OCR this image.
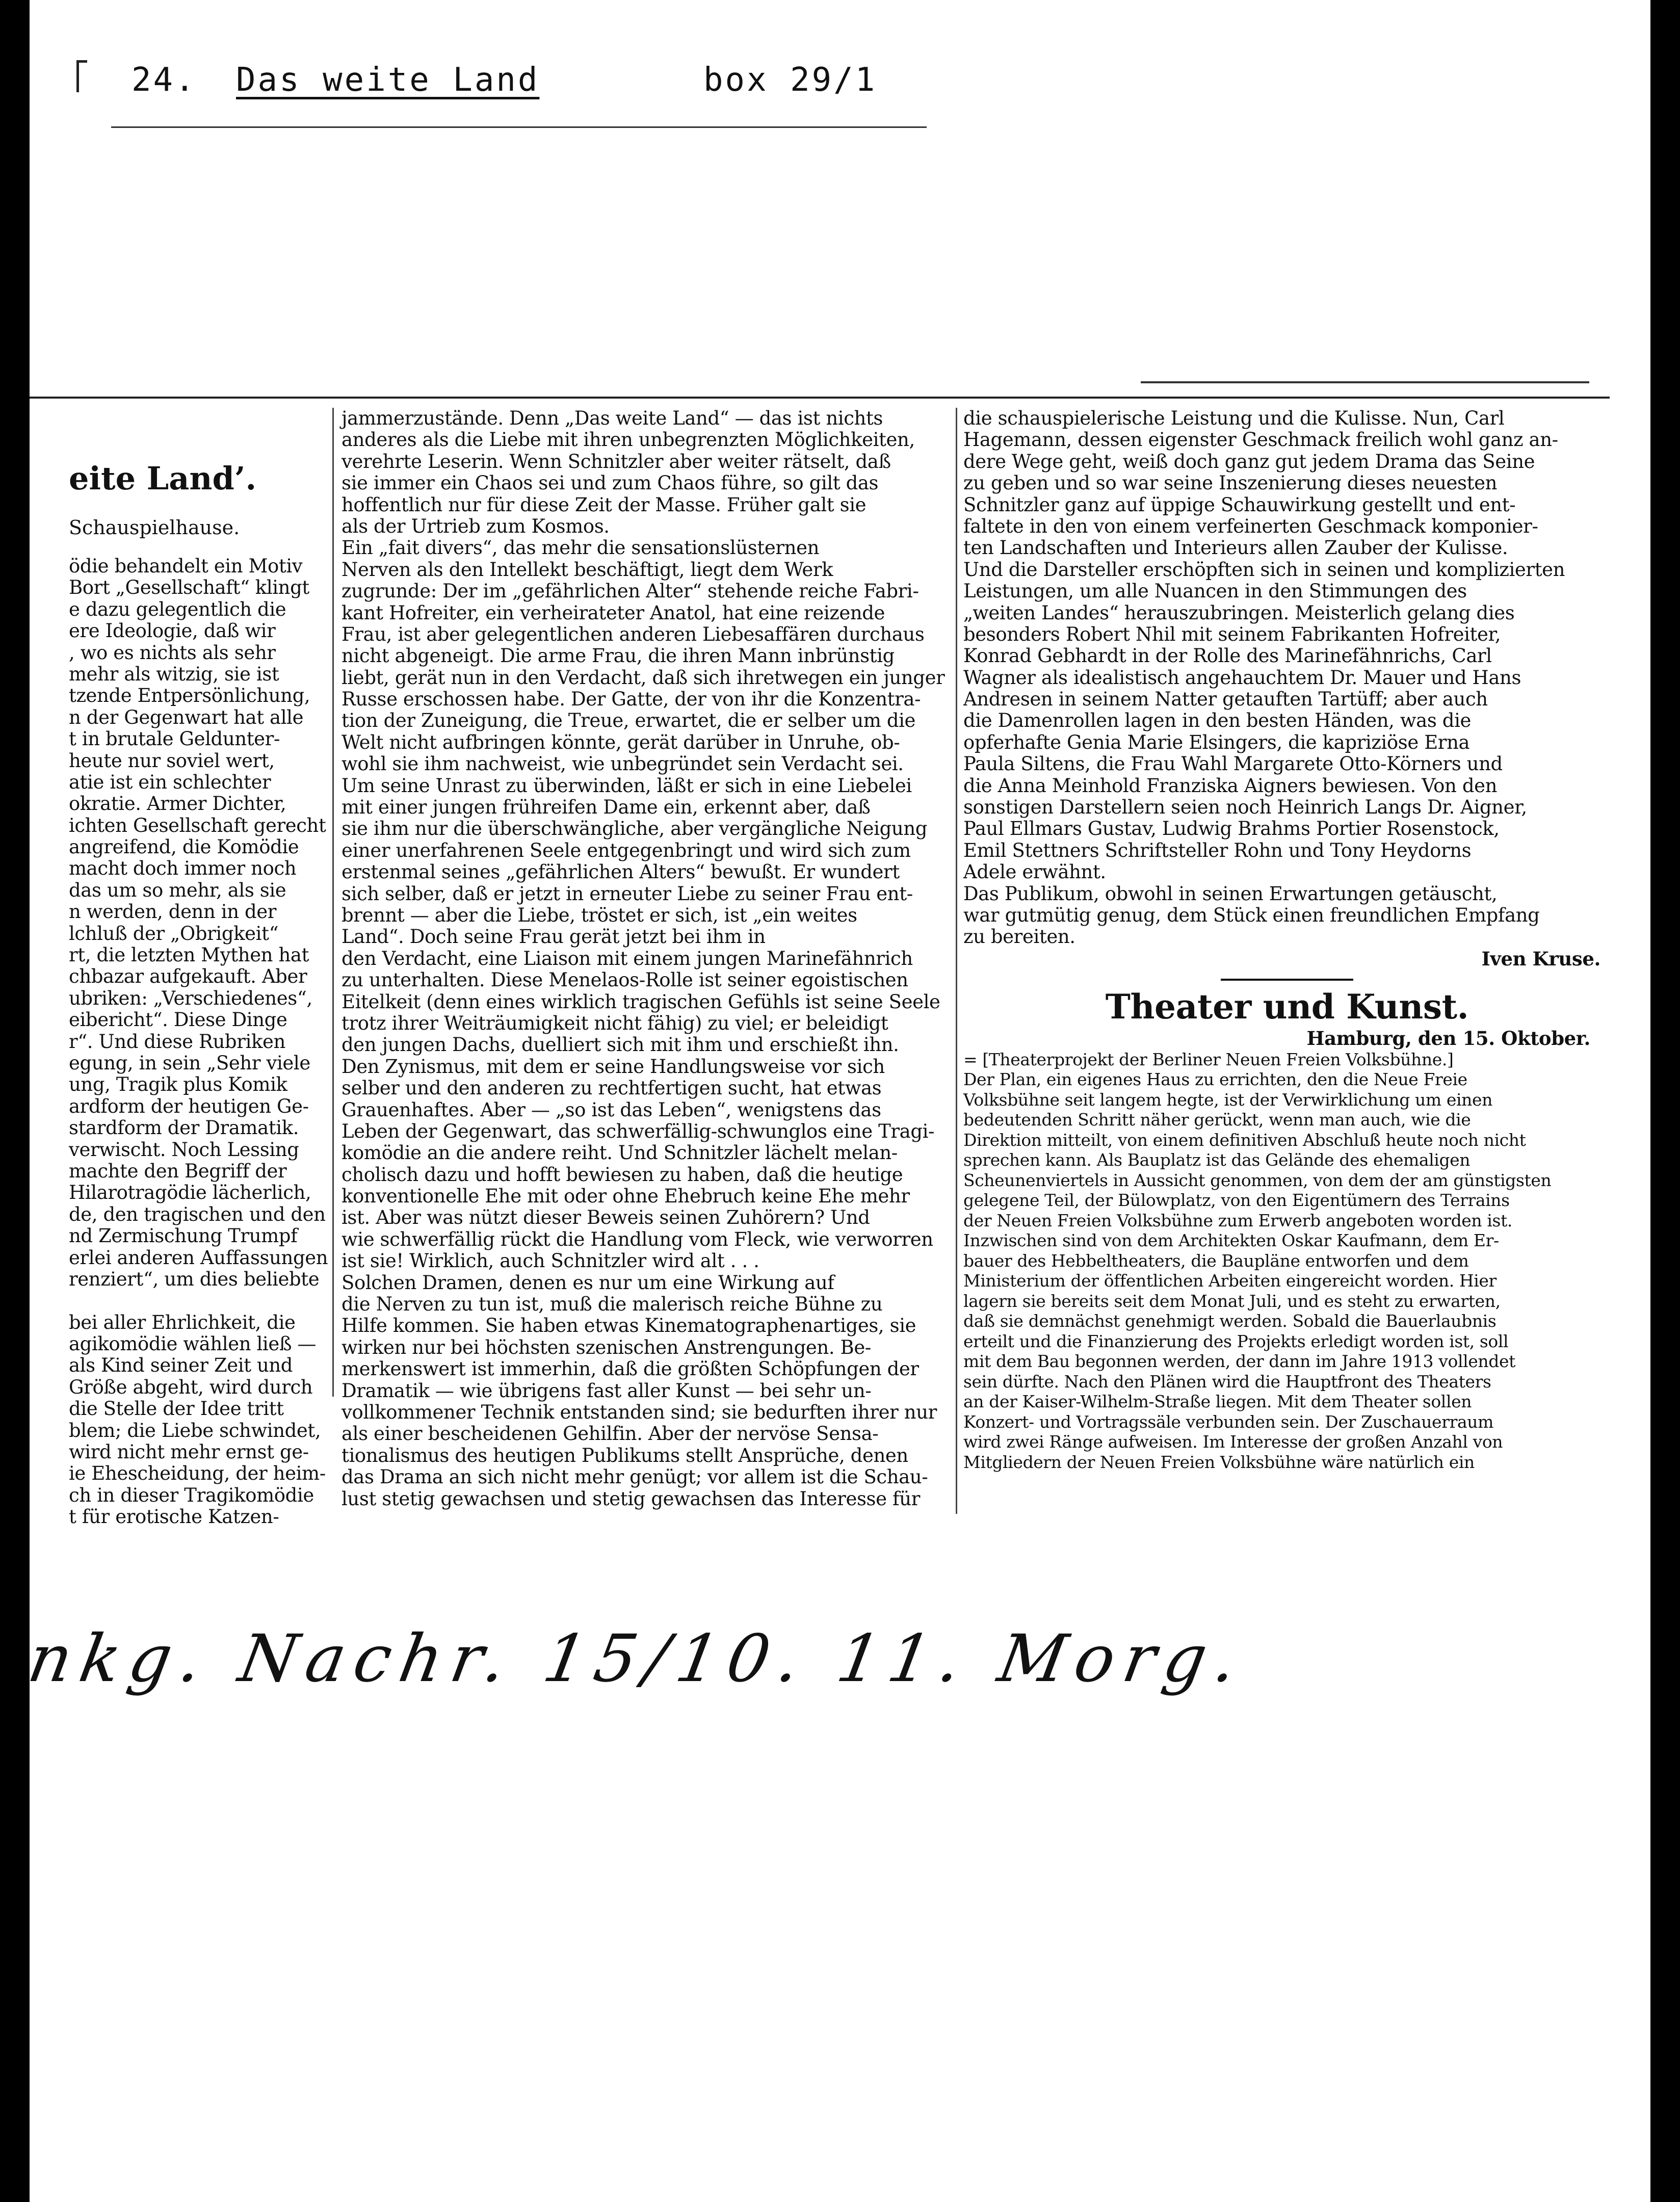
24. Das weite Land	box 29/1
eite Land’.
Schauspielhause.
ödie behandelt ein Motiv
Bort „Gesellschaft“ klingt
e dazu gelegentlich die
ere Ideologie, daß wir
, wo es nichts als sehr
mehr als witzig, sie ist
tzende Entpersönlichung,
n der Gegenwart hat alle
t in brutale Geldunter-
heute nur soviel wert,
atie ist ein schlechter
okratie. Armer Dichter,
ichten Gesellschaft gerecht
angreifend, die Komödie
macht doch immer noch
das um so mehr, als sie
n werden, denn in der
lchluß der „Obrigkeit“
rt, die letzten Mythen hat
chbazar aufgekauft. Aber
ubriken: „Verschiedenes“,
eibericht“. Diese Dinge
r“. Und diese Rubriken
egung, in sein „Sehr viele
ung, Tragik plus Komik
ardform der heutigen Ge-
stardform der Dramatik.
verwischt. Noch Lessing
machte den Begriff der
Hilarotragödie lächerlich,
de, den tragischen und den
nd Zermischung Trumpf
erlei anderen Auffassungen
renziert“, um dies beliebte
bei aller Ehrlichkeit, die
agikomödie wählen ließ —
als Kind seiner Zeit und
Größe abgeht, wird durch
die Stelle der Idee tritt
blem; die Liebe schwindet,
wird nicht mehr ernst ge-
ie Ehescheidung, der heim-
ch in dieser Tragikomödie
t für erotische Katzen-
jammerzustände. Denn „Das weite Land“ — das ist nichts
anderes als die Liebe mit ihren unbegrenzten Möglichkeiten,
verehrte Leserin. Wenn Schnitzler aber weiter rätselt, daß
sie immer ein Chaos sei und zum Chaos führe, so gilt das
hoffentlich nur für diese Zeit der Masse. Früher galt sie
als der Urtrieb zum Kosmos.
Ein „fait divers“, das mehr die sensationslüsternen
Nerven als den Intellekt beschäftigt, liegt dem Werk
zugrunde: Der im „gefährlichen Alter“ stehende reiche Fabri-
kant Hofreiter, ein verheirateter Anatol, hat eine reizende
Frau, ist aber gelegentlichen anderen Liebesaffären durchaus
nicht abgeneigt. Die arme Frau, die ihren Mann inbrünstig
liebt, gerät nun in den Verdacht, daß sich ihretwegen ein junger
Russe erschossen habe. Der Gatte, der von ihr die Konzentra-
tion der Zuneigung, die Treue, erwartet, die er selber um die
Welt nicht aufbringen könnte, gerät darüber in Unruhe, ob-
wohl sie ihm nachweist, wie unbegründet sein Verdacht sei.
Um seine Unrast zu überwinden, läßt er sich in eine Liebelei
mit einer jungen frühreifen Dame ein, erkennt aber, daß
sie ihm nur die überschwängliche, aber vergängliche Neigung
einer unerfahrenen Seele entgegenbringt und wird sich zum
erstenmal seines „gefährlichen Alters“ bewußt. Er wundert
sich selber, daß er jetzt in erneuter Liebe zu seiner Frau ent-
brennt — aber die Liebe, tröstet er sich, ist „ein weites
Land“. Doch seine Frau gerät jetzt bei ihm in
den Verdacht, eine Liaison mit einem jungen Marinefähnrich
zu unterhalten. Diese Menelaos-Rolle ist seiner egoistischen
Eitelkeit (denn eines wirklich tragischen Gefühls ist seine Seele
trotz ihrer Weiträumigkeit nicht fähig) zu viel; er beleidigt
den jungen Dachs, duelliert sich mit ihm und erschießt ihn.
Den Zynismus, mit dem er seine Handlungsweise vor sich
selber und den anderen zu rechtfertigen sucht, hat etwas
Grauenhaftes. Aber — „so ist das Leben“, wenigstens das
Leben der Gegenwart, das schwerfällig-schwunglos eine Tragi-
komödie an die andere reiht. Und Schnitzler lächelt melan-
cholisch dazu und hofft bewiesen zu haben, daß die heutige
konventionelle Ehe mit oder ohne Ehebruch keine Ehe mehr
ist. Aber was nützt dieser Beweis seinen Zuhörern? Und
wie schwerfällig rückt die Handlung vom Fleck, wie verworren
ist sie! Wirklich, auch Schnitzler wird alt . . .
Solchen Dramen, denen es nur um eine Wirkung auf
die Nerven zu tun ist, muß die malerisch reiche Bühne zu
Hilfe kommen. Sie haben etwas Kinematographenartiges, sie
wirken nur bei höchsten szenischen Anstrengungen. Be-
merkenswert ist immerhin, daß die größten Schöpfungen der
Dramatik — wie übrigens fast aller Kunst — bei sehr un-
vollkommener Technik entstanden sind; sie bedurften ihrer nur
als einer bescheidenen Gehilfin. Aber der nervöse Sensa-
tionalismus des heutigen Publikums stellt Ansprüche, denen
das Drama an sich nicht mehr genügt; vor allem ist die Schau-
lust stetig gewachsen und stetig gewachsen das Interesse für
die schauspielerische Leistung und die Kulisse. Nun, Carl
Hagemann, dessen eigenster Geschmack freilich wohl ganz an-
dere Wege geht, weiß doch ganz gut jedem Drama das Seine
zu geben und so war seine Inszenierung dieses neuesten
Schnitzler ganz auf üppige Schauwirkung gestellt und ent-
faltete in den von einem verfeinerten Geschmack komponier-
ten Landschaften und Interieurs allen Zauber der Kulisse.
Und die Darsteller erschöpften sich in seinen und komplizierten
Leistungen, um alle Nuancen in den Stimmungen des
„weiten Landes“ herauszubringen. Meisterlich gelang dies
besonders Robert Nhil mit seinem Fabrikanten Hofreiter,
Konrad Gebhardt in der Rolle des Marinefähnrichs, Carl
Wagner als idealistisch angehauchtem Dr. Mauer und Hans
Andresen in seinem Natter getauften Tartüff; aber auch
die Damenrollen lagen in den besten Händen, was die
opferhafte Genia Marie Elsingers, die kapriziöse Erna
Paula Siltens, die Frau Wahl Margarete Otto-Körners und
die Anna Meinhold Franziska Aigners bewiesen. Von den
sonstigen Darstellern seien noch Heinrich Langs Dr. Aigner,
Paul Ellmars Gustav, Ludwig Brahms Portier Rosenstock,
Emil Stettners Schriftsteller Rohn und Tony Heydorns
Adele erwähnt.
Das Publikum, obwohl in seinen Erwartungen getäuscht,
war gutmütig genug, dem Stück einen freundlichen Empfang
zu bereiten.
Iven Kruse.
Theater und Kunst.
Hamburg, den 15. Oktober.
= [Theaterprojekt der Berliner Neuen Freien Volksbühne.]
Der Plan, ein eigenes Haus zu errichten, den die Neue Freie
Volksbühne seit langem hegte, ist der Verwirklichung um einen
bedeutenden Schritt näher gerückt, wenn man auch, wie die
Direktion mitteilt, von einem definitiven Abschluß heute noch nicht
sprechen kann. Als Bauplatz ist das Gelände des ehemaligen
Scheunenviertels in Aussicht genommen, von dem der am günstigsten
gelegene Teil, der Bülowplatz, von den Eigentümern des Terrains
der Neuen Freien Volksbühne zum Erwerb angeboten worden ist.
Inzwischen sind von dem Architekten Oskar Kaufmann, dem Er-
bauer des Hebbeltheaters, die Baupläne entworfen und dem
Ministerium der öffentlichen Arbeiten eingereicht worden. Hier
lagern sie bereits seit dem Monat Juli, und es steht zu erwarten,
daß sie demnächst genehmigt werden. Sobald die Bauerlaubnis
erteilt und die Finanzierung des Projekts erledigt worden ist, soll
mit dem Bau begonnen werden, der dann im Jahre 1913 vollendet
sein dürfte. Nach den Plänen wird die Hauptfront des Theaters
an der Kaiser-Wilhelm-Straße liegen. Mit dem Theater sollen
Konzert- und Vortragssäle verbunden sein. Der Zuschauerraum
wird zwei Ränge aufweisen. Im Interesse der großen Anzahl von
Mitgliedern der Neuen Freien Volksbühne wäre natürlich ein
nkg. Nachr. 15/10. 11. Morg.
